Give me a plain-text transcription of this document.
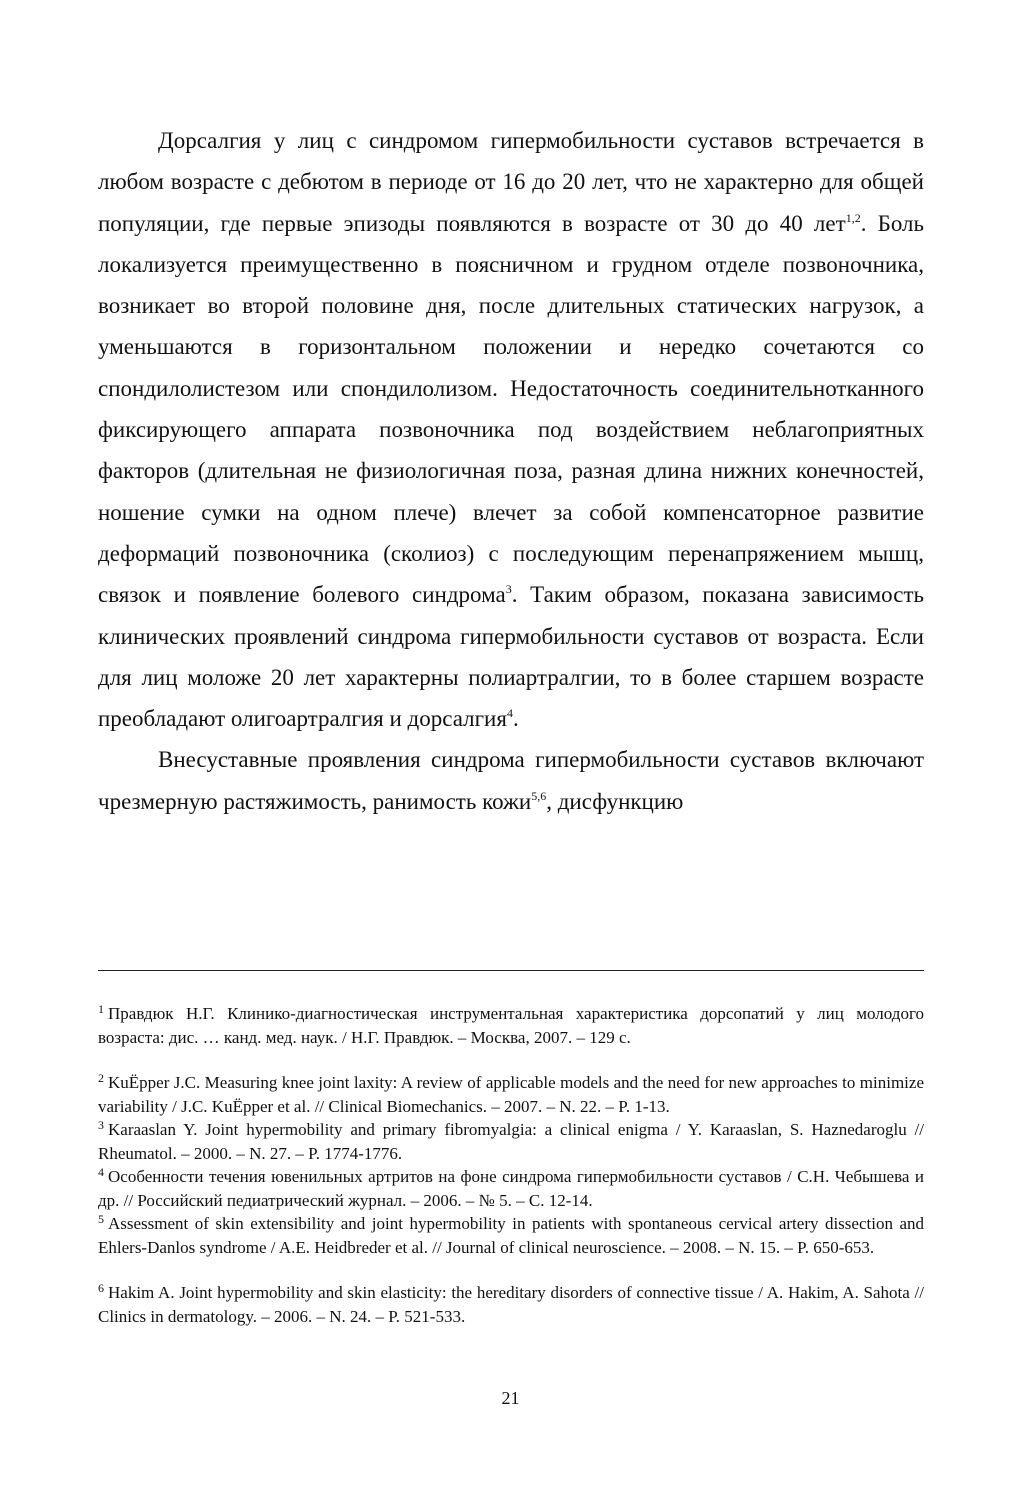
Дорсалгия у лиц с синдромом гипермобильности суставов встречается в любом возрасте с дебютом в периоде от 16 до 20 лет, что не характерно для общей популяции, где первые эпизоды появляются в возрасте от 30 до 40 лет$^{1,2}$. Боль локализуется преимущественно в поясничном и грудном отделе позвоночника, возникает во второй половине дня, после длительных статических нагрузок, а уменьшаются в горизонтальном положении и нередко сочетаются со спондилолистезом или спондилолизом. Недостаточность соединительнотканного фиксирующего аппарата позвоночника под воздействием неблагоприятных факторов (длительная не физиологичная поза, разная длина нижних конечностей, ношение сумки на одном плече) влечет за собой компенсаторное развитие деформаций позвоночника (сколиоз) с последующим перенапряжением мышц, связок и появление болевого синдрома$^3$. Таким образом, показана зависимость клинических проявлений синдрома гипермобильности суставов от возраста. Если для лиц моложе 20 лет характерны полиартралгии, то в более старшем возрасте преобладают олигоартралгия и дорсалгия$^4$.

Внесуставные проявления синдрома гипермобильности суставов включают чрезмерную растяжимость, ранимость кожи$^{5,6}$, дисфункцию

$^1$ Правдюк Н.Г. Клинико-диагностическая инструментальная характеристика дорсопатий у лиц молодого возраста: дис. … канд. мед. наук. / Н.Г. Правдюк. – Москва, 2007. – 129 с.

$^2$ KuЁpper J.C. Measuring knee joint laxity: A review of applicable models and the need for new approaches to minimize variability / J.C. KuЁpper et al. // Clinical Biomechanics. – 2007. – N. 22. – P. 1-13.

$^3$ Karaaslan Y. Joint hypermobility and primary fibromyalgia: a clinical enigma / Y. Karaaslan, S. Haznedaroglu // Rheumatol. – 2000. – N. 27. – P. 1774-1776.

$^4$ Особенности течения ювенильных артритов на фоне синдрома гипермобильности суставов / С.Н. Чебышева и др. // Российский педиатрический журнал. – 2006. – № 5. – С. 12-14.

$^5$ Assessment of skin extensibility and joint hypermobility in patients with spontaneous cervical artery dissection and Ehlers-Danlos syndrome / A.E. Heidbreder et al. // Journal of clinical neuroscience. – 2008. – N. 15. – P. 650-653.

$^6$ Hakim A. Joint hypermobility and skin elasticity: the hereditary disorders of connective tissue / A. Hakim, A. Sahota // Clinics in dermatology. – 2006. – N. 24. – P. 521-533.

21
